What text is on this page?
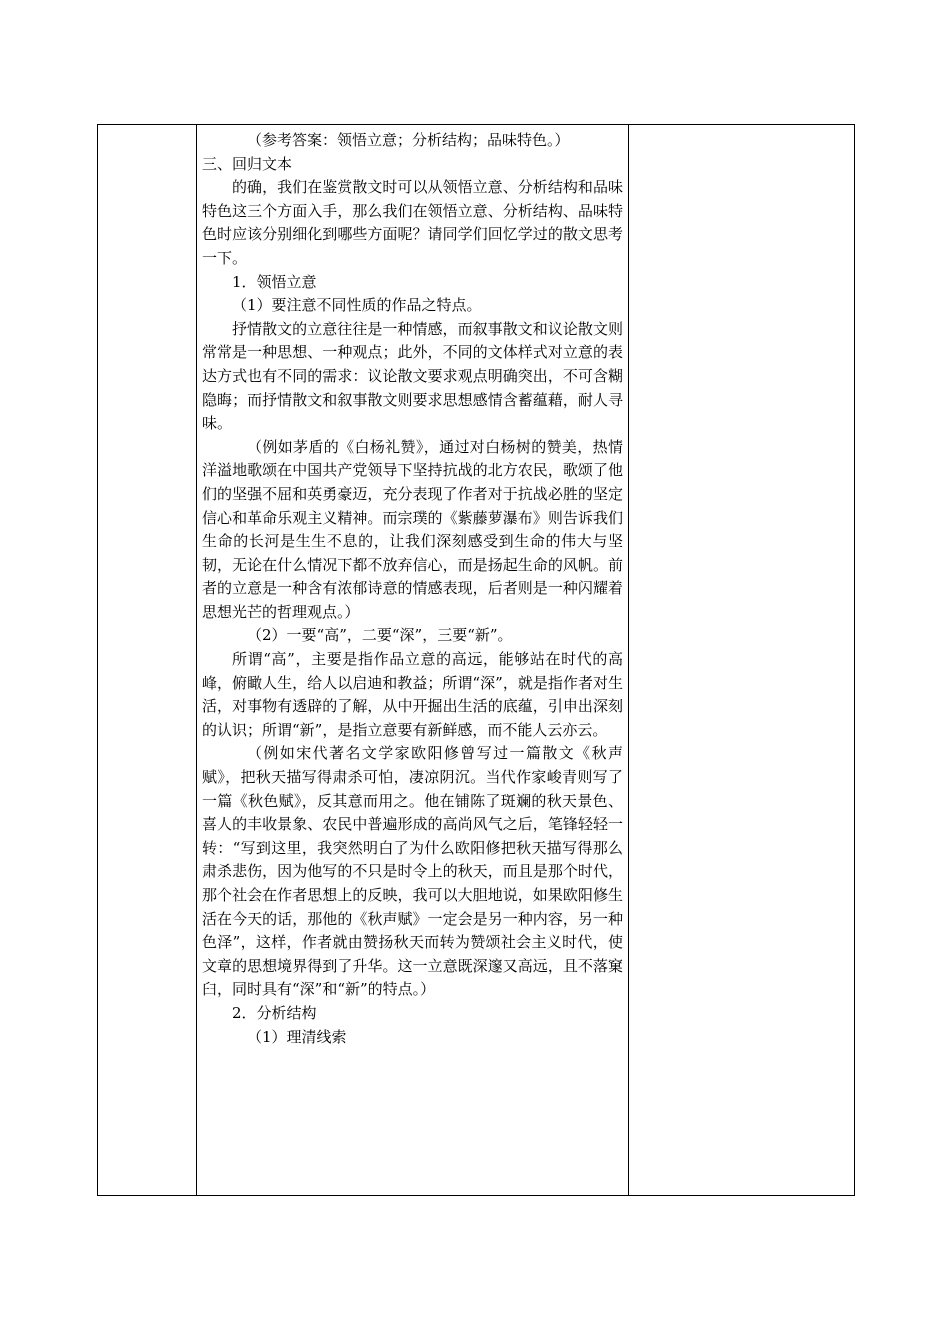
（参考答案：领悟立意；分析结构；品味特色。）

三、回归文本

的确，我们在鉴赏散文时可以从领悟立意、分析结构和品味特色这三个方面入手，那么我们在领悟立意、分析结构、品味特色时应该分别细化到哪些方面呢？请同学们回忆学过的散文思考一下。

1．领悟立意

（1）要注意不同性质的作品之特点。

抒情散文的立意往往是一种情感，而叙事散文和议论散文则常常是一种思想、一种观点；此外，不同的文体样式对立意的表达方式也有不同的需求：议论散文要求观点明确突出，不可含糊隐晦；而抒情散文和叙事散文则要求思想感情含蓄蕴藉，耐人寻味。

（例如茅盾的《白杨礼赞》，通过对白杨树的赞美，热情洋溢地歌颂在中国共产党领导下坚持抗战的北方农民，歌颂了他们的坚强不屈和英勇豪迈，充分表现了作者对于抗战必胜的坚定信心和革命乐观主义精神。而宗璞的《紫藤萝瀑布》则告诉我们生命的长河是生生不息的，让我们深刻感受到生命的伟大与坚韧，无论在什么情况下都不放弃信心，而是扬起生命的风帆。前者的立意是一种含有浓郁诗意的情感表现，后者则是一种闪耀着思想光芒的哲理观点。）

（2）一要“高”，二要“深”，三要“新”。

所谓“高”，主要是指作品立意的高远，能够站在时代的高峰，俯瞰人生，给人以启迪和教益；所谓“深”，就是指作者对生活，对事物有透辟的了解，从中开掘出生活的底蕴，引申出深刻的认识；所谓“新”，是指立意要有新鲜感，而不能人云亦云。

（例如宋代著名文学家欧阳修曾写过一篇散文《秋声赋》，把秋天描写得肃杀可怕，凄凉阴沉。当代作家峻青则写了一篇《秋色赋》，反其意而用之。他在铺陈了斑斓的秋天景色、喜人的丰收景象、农民中普遍形成的高尚风气之后，笔锋轻轻一转：“写到这里，我突然明白了为什么欧阳修把秋天描写得那么肃杀悲伤，因为他写的不只是时令上的秋天，而且是那个时代，那个社会在作者思想上的反映，我可以大胆地说，如果欧阳修生活在今天的话，那他的《秋声赋》一定会是另一种内容，另一种色泽”，这样，作者就由赞扬秋天而转为赞颂社会主义时代，使文章的思想境界得到了升华。这一立意既深邃又高远，且不落窠臼，同时具有“深”和“新”的特点。）

2．分析结构

（1）理清线索
